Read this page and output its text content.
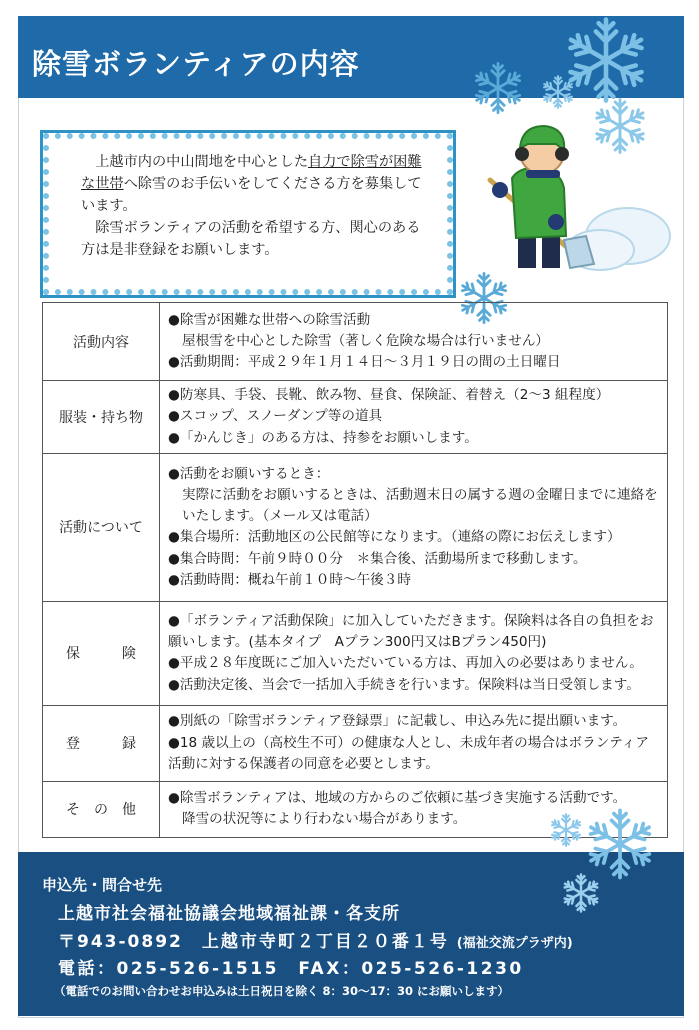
除雪ボランティアの内容

　上越市内の中山間地を中心とした自力で除雪が困難な世帯へ除雪のお手伝いをしてくださる方を募集しています。
　除雪ボランティアの活動を希望する方、関心のある方は是非登録をお願いします。

活動内容	●除雪が困難な世帯への除雪活動
屋根雪を中心とした除雪（著しく危険な場合は行いません）
●活動期間：平成２９年１月１４日～３月１９日の間の土日曜日

服装・持ち物	●防寒具、手袋、長靴、飲み物、昼食、保険証、着替え（2～3 組程度）
●スコップ、スノーダンプ等の道具
●「かんじき」のある方は、持参をお願いします。

活動について	●活動をお願いするとき：
実際に活動をお願いするときは、活動週末日の属する週の金曜日までに連絡をいたします。（メール又は電話）
●集合場所：活動地区の公民館等になります。（連絡の際にお伝えします）
●集合時間：午前９時００分　＊集合後、活動場所まで移動します。
●活動時間：概ね午前１０時～午後３時

保　　　険	●「ボランティア活動保険」に加入していただきます。保険料は各自の負担をお願いします。(基本タイプ　Aプラン300円又はBプラン450円)
●平成２８年度既にご加入いただいている方は、再加入の必要はありません。
●活動決定後、当会で一括加入手続きを行います。保険料は当日受領します。

登　　　録	●別紙の「除雪ボランティア登録票」に記載し、申込み先に提出願います。
●18 歳以上の（高校生不可）の健康な人とし、未成年者の場合はボランティア活動に対する保護者の同意を必要とします。

そ　の　他	●除雪ボランティアは、地域の方からのご依頼に基づき実施する活動です。
降雪の状況等により行わない場合があります。
申込先・問合せ先
上越市社会福祉協議会地域福祉課・各支所
〒943-0892　上越市寺町２丁目２０番１号 (福祉交流プラザ内)
電話：025-526-1515　FAX：025-526-1230
（電話でのお問い合わせお申込みは土日祝日を除く 8：30～17：30 にお願いします）
